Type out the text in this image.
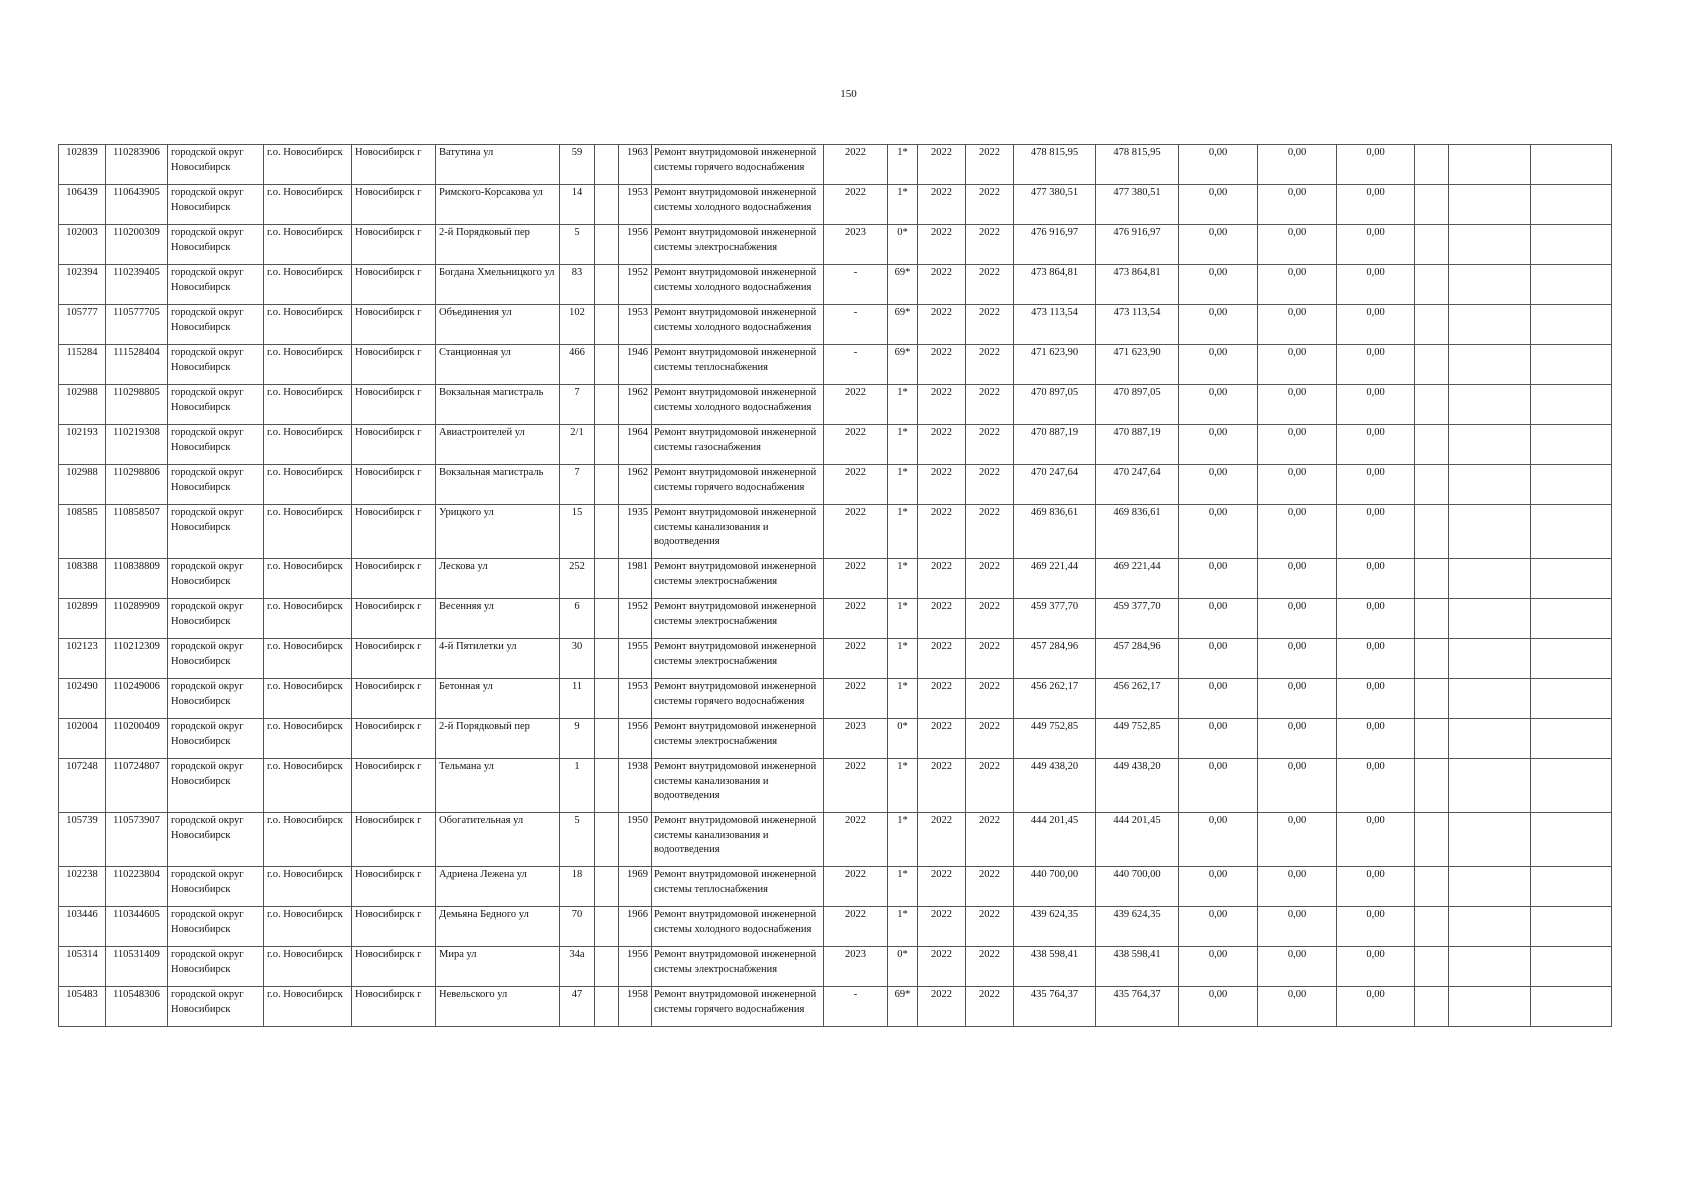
150
102839	110283906	городской округ Новосибирск	г.о. Новосибирск	Новосибирск г	Ватутина ул	59		1963	Ремонт внутридомовой инженерной системы горячего водоснабжения	2022	1*	2022	2022	478 815,95	478 815,95	0,00	0,00	0,00			
106439	110643905	городской округ Новосибирск	г.о. Новосибирск	Новосибирск г	Римского-Корсакова ул	14		1953	Ремонт внутридомовой инженерной системы холодного водоснабжения	2022	1*	2022	2022	477 380,51	477 380,51	0,00	0,00	0,00			
102003	110200309	городской округ Новосибирск	г.о. Новосибирск	Новосибирск г	2-й Порядковый пер	5		1956	Ремонт внутридомовой инженерной системы электроснабжения	2023	0*	2022	2022	476 916,97	476 916,97	0,00	0,00	0,00			
102394	110239405	городской округ Новосибирск	г.о. Новосибирск	Новосибирск г	Богдана Хмельницкого ул	83		1952	Ремонт внутридомовой инженерной системы холодного водоснабжения	-	69*	2022	2022	473 864,81	473 864,81	0,00	0,00	0,00			
105777	110577705	городской округ Новосибирск	г.о. Новосибирск	Новосибирск г	Объединения ул	102		1953	Ремонт внутридомовой инженерной системы холодного водоснабжения	-	69*	2022	2022	473 113,54	473 113,54	0,00	0,00	0,00			
115284	111528404	городской округ Новосибирск	г.о. Новосибирск	Новосибирск г	Станционная ул	466		1946	Ремонт внутридомовой инженерной системы теплоснабжения	-	69*	2022	2022	471 623,90	471 623,90	0,00	0,00	0,00			
102988	110298805	городской округ Новосибирск	г.о. Новосибирск	Новосибирск г	Вокзальная магистраль	7		1962	Ремонт внутридомовой инженерной системы холодного водоснабжения	2022	1*	2022	2022	470 897,05	470 897,05	0,00	0,00	0,00			
102193	110219308	городской округ Новосибирск	г.о. Новосибирск	Новосибирск г	Авиастроителей ул	2/1		1964	Ремонт внутридомовой инженерной системы газоснабжения	2022	1*	2022	2022	470 887,19	470 887,19	0,00	0,00	0,00			
102988	110298806	городской округ Новосибирск	г.о. Новосибирск	Новосибирск г	Вокзальная магистраль	7		1962	Ремонт внутридомовой инженерной системы горячего водоснабжения	2022	1*	2022	2022	470 247,64	470 247,64	0,00	0,00	0,00			
108585	110858507	городской округ Новосибирск	г.о. Новосибирск	Новосибирск г	Урицкого ул	15		1935	Ремонт внутридомовой инженерной системы канализования и водоотведения	2022	1*	2022	2022	469 836,61	469 836,61	0,00	0,00	0,00			
108388	110838809	городской округ Новосибирск	г.о. Новосибирск	Новосибирск г	Лескова ул	252		1981	Ремонт внутридомовой инженерной системы электроснабжения	2022	1*	2022	2022	469 221,44	469 221,44	0,00	0,00	0,00			
102899	110289909	городской округ Новосибирск	г.о. Новосибирск	Новосибирск г	Весенняя ул	6		1952	Ремонт внутридомовой инженерной системы электроснабжения	2022	1*	2022	2022	459 377,70	459 377,70	0,00	0,00	0,00			
102123	110212309	городской округ Новосибирск	г.о. Новосибирск	Новосибирск г	4-й Пятилетки ул	30		1955	Ремонт внутридомовой инженерной системы электроснабжения	2022	1*	2022	2022	457 284,96	457 284,96	0,00	0,00	0,00			
102490	110249006	городской округ Новосибирск	г.о. Новосибирск	Новосибирск г	Бетонная ул	11		1953	Ремонт внутридомовой инженерной системы горячего водоснабжения	2022	1*	2022	2022	456 262,17	456 262,17	0,00	0,00	0,00			
102004	110200409	городской округ Новосибирск	г.о. Новосибирск	Новосибирск г	2-й Порядковый пер	9		1956	Ремонт внутридомовой инженерной системы электроснабжения	2023	0*	2022	2022	449 752,85	449 752,85	0,00	0,00	0,00			
107248	110724807	городской округ Новосибирск	г.о. Новосибирск	Новосибирск г	Тельмана ул	1		1938	Ремонт внутридомовой инженерной системы канализования и водоотведения	2022	1*	2022	2022	449 438,20	449 438,20	0,00	0,00	0,00			
105739	110573907	городской округ Новосибирск	г.о. Новосибирск	Новосибирск г	Обогатительная ул	5		1950	Ремонт внутридомовой инженерной системы канализования и водоотведения	2022	1*	2022	2022	444 201,45	444 201,45	0,00	0,00	0,00			
102238	110223804	городской округ Новосибирск	г.о. Новосибирск	Новосибирск г	Адриена Лежена ул	18		1969	Ремонт внутридомовой инженерной системы теплоснабжения	2022	1*	2022	2022	440 700,00	440 700,00	0,00	0,00	0,00			
103446	110344605	городской округ Новосибирск	г.о. Новосибирск	Новосибирск г	Демьяна Бедного ул	70		1966	Ремонт внутридомовой инженерной системы холодного водоснабжения	2022	1*	2022	2022	439 624,35	439 624,35	0,00	0,00	0,00			
105314	110531409	городской округ Новосибирск	г.о. Новосибирск	Новосибирск г	Мира ул	34а		1956	Ремонт внутридомовой инженерной системы электроснабжения	2023	0*	2022	2022	438 598,41	438 598,41	0,00	0,00	0,00			
105483	110548306	городской округ Новосибирск	г.о. Новосибирск	Новосибирск г	Невельского ул	47		1958	Ремонт внутридомовой инженерной системы горячего водоснабжения	-	69*	2022	2022	435 764,37	435 764,37	0,00	0,00	0,00			
